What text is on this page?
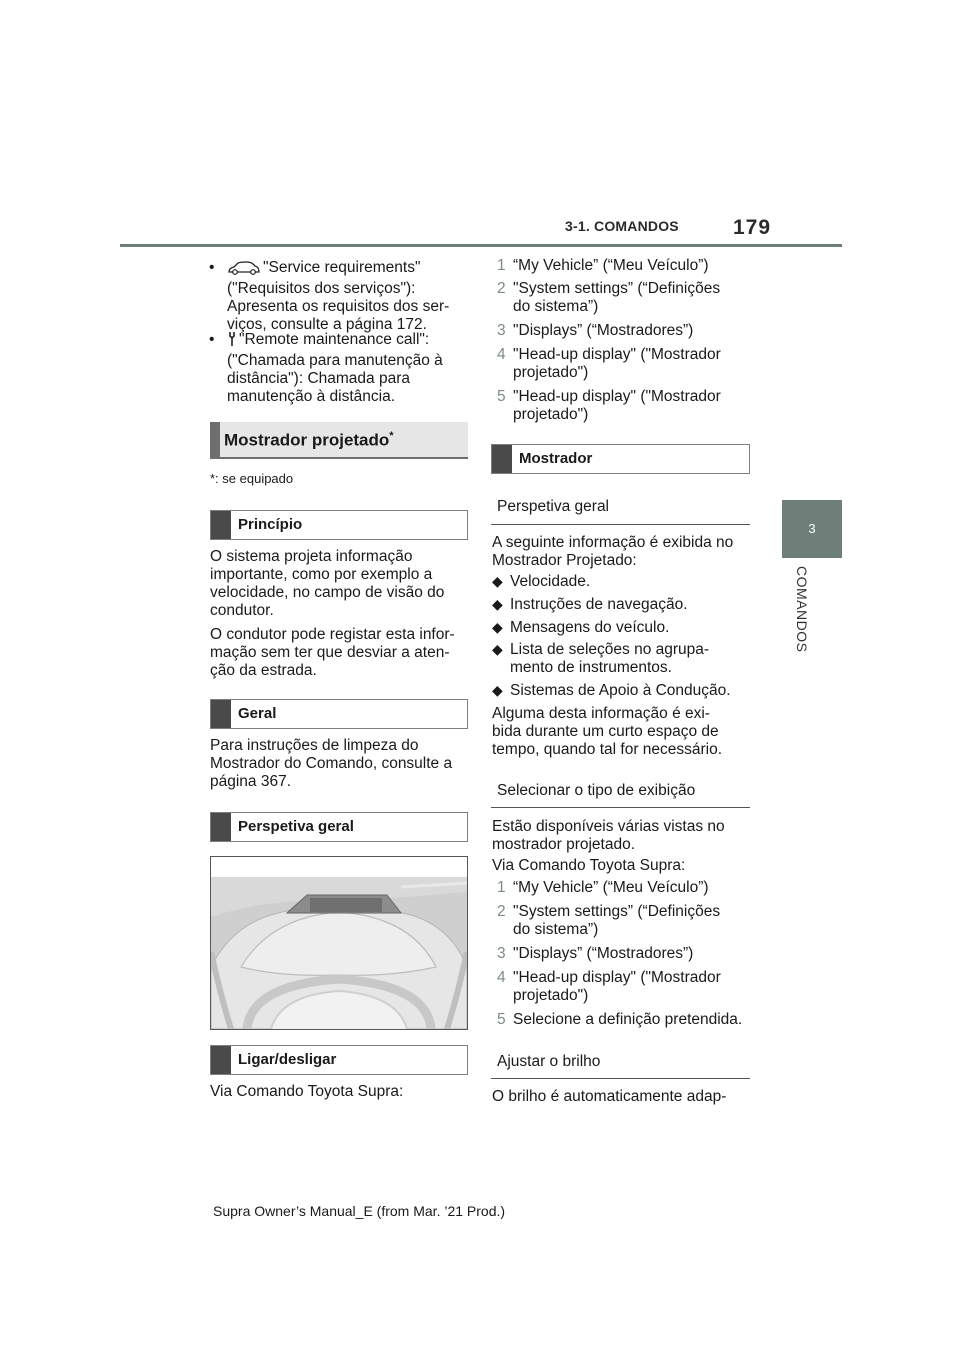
3-1. COMANDOS	179
3
COMANDOS
•	"Service requirements"
("Requisitos dos serviços"):
Apresenta os requisitos dos ser-
viços, consulte a página 172.
•	"Remote maintenance call":
("Chamada para manutenção à
distância"): Chamada para
manutenção à distância.
Mostrador projetado*
*: se equipado
Princípio
O sistema projeta informação
importante, como por exemplo a
velocidade, no campo de visão do
condutor.
O condutor pode registar esta infor-
mação sem ter que desviar a aten-
ção da estrada.
Geral
Para instruções de limpeza do
Mostrador do Comando, consulte a
página 367.
Perspetiva geral
Ligar/desligar
Via Comando Toyota Supra:
1 “My Vehicle” (“Meu Veículo”)
2 "System settings” (“Definições
do sistema”)
3 "Displays” (“Mostradores”)
4 "Head-up display" ("Mostrador
projetado")
5 "Head-up display" ("Mostrador
projetado")
Mostrador
Perspetiva geral
A seguinte informação é exibida no
Mostrador Projetado:
◆ Velocidade.
◆ Instruções de navegação.
◆ Mensagens do veículo.
◆ Lista de seleções no agrupa-
mento de instrumentos.
◆ Sistemas de Apoio à Condução.
Alguma desta informação é exi-
bida durante um curto espaço de
tempo, quando tal for necessário.
Selecionar o tipo de exibição
Estão disponíveis várias vistas no
mostrador projetado.
Via Comando Toyota Supra:
1 “My Vehicle” (“Meu Veículo”)
2 "System settings” (“Definições
do sistema”)
3 "Displays” (“Mostradores”)
4 "Head-up display" ("Mostrador
projetado")
5 Selecione a definição pretendida.
Ajustar o brilho
O brilho é automaticamente adap-
Supra Owner’s Manual_E (from Mar. ’21 Prod.)
